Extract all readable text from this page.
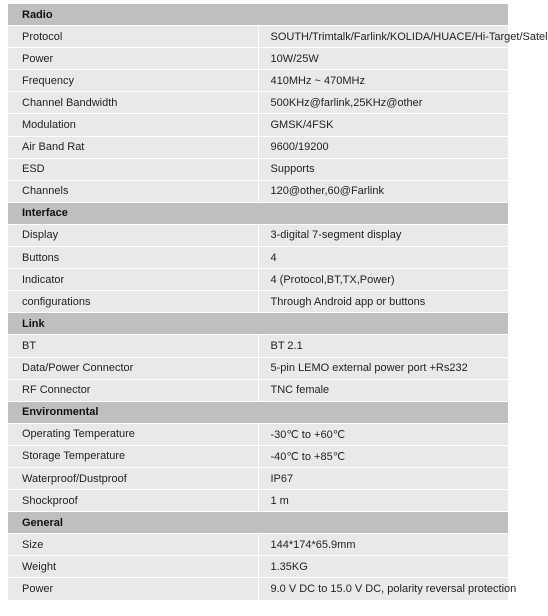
Radio	
Protocol	SOUTH/Trimtalk/Farlink/KOLIDA/HUACE/Hi-Target/Satel
Power	10W/25W
Frequency	410MHz ~ 470MHz
Channel Bandwidth	500KHz@farlink,25KHz@other
Modulation	GMSK/4FSK
Air Band Rat	9600/19200
ESD	Supports
Channels	120@other,60@Farlink
Interface	
Display	3-digital 7-segment display
Buttons	4
Indicator	4 (Protocol,BT,TX,Power)
configurations	Through Android app or buttons
Link	
BT	BT 2.1
Data/Power Connector	5-pin LEMO external power port +Rs232
RF Connector	TNC female
Environmental	
Operating Temperature	-30℃ to +60℃
Storage Temperature	-40℃ to +85℃
Waterproof/Dustproof	IP67
Shockproof	1 m
General	
Size	144*174*65.9mm
Weight	1.35KG
Power	9.0 V DC to 15.0 V DC, polarity reversal protection
